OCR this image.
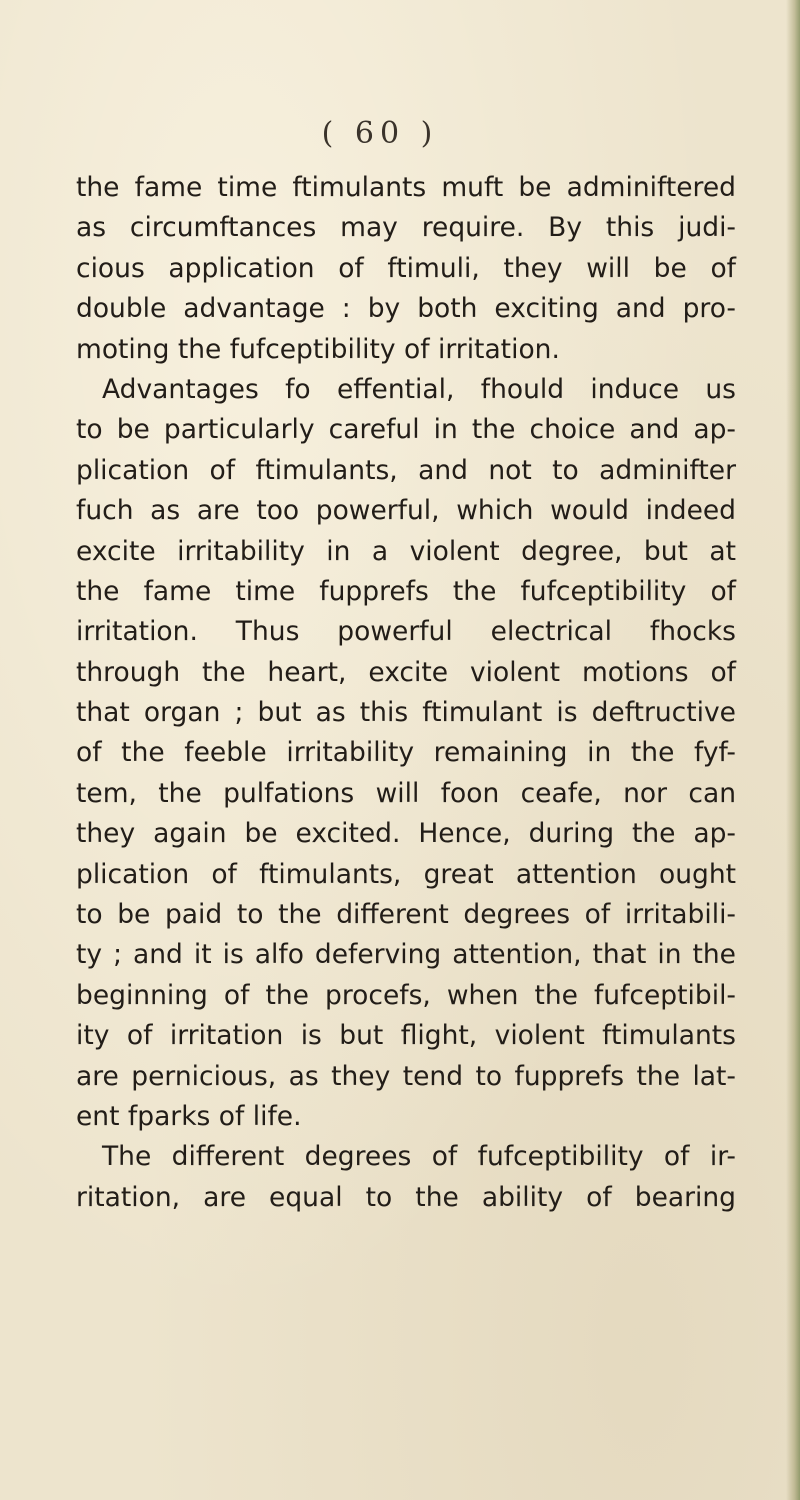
( 60 )
the fame time ftimulants muft be adminiftered
as circumftances may require. By this judi-
cious application of ftimuli, they will be of
double advantage : by both exciting and pro-
moting the fufceptibility of irritation.
Advantages fo effential, fhould induce us
to be particularly careful in the choice and ap-
plication of ftimulants, and not to adminifter
fuch as are too powerful, which would indeed
excite irritability in a violent degree, but at
the fame time fupprefs the fufceptibility of
irritation. Thus powerful electrical fhocks
through the heart, excite violent motions of
that organ ; but as this ftimulant is deftructive
of the feeble irritability remaining in the fyf-
tem, the pulfations will foon ceafe, nor can
they again be excited. Hence, during the ap-
plication of ftimulants, great attention ought
to be paid to the different degrees of irritabili-
ty ; and it is alfo deferving attention, that in the
beginning of the procefs, when the fufceptibil-
ity of irritation is but flight, violent ftimulants
are pernicious, as they tend to fupprefs the lat-
ent fparks of life.
The different degrees of fufceptibility of ir-
ritation, are equal to the ability of bearing
